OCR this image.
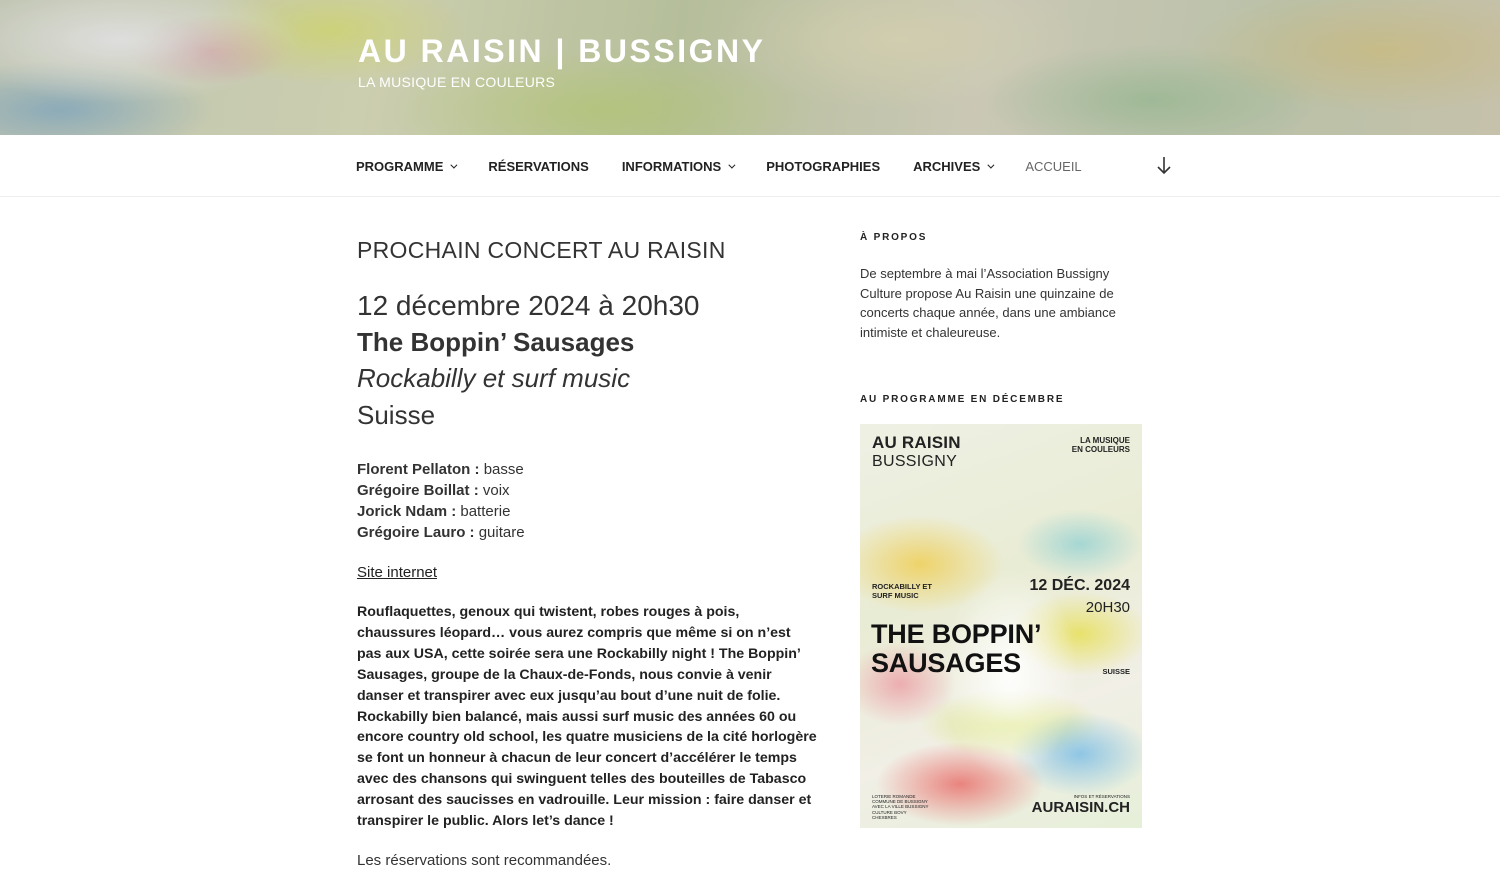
AU RAISIN | BUSSIGNY
LA MUSIQUE EN COULEURS
PROGRAMME	RÉSERVATIONS	INFORMATIONS	PHOTOGRAPHIES	ARCHIVES	ACCUEIL
PROCHAIN CONCERT AU RAISIN
12 décembre 2024 à 20h30
The Boppin’ Sausages
Rockabilly et surf music
Suisse
Florent Pellaton : basse
Grégoire Boillat : voix
Jorick Ndam : batterie
Grégoire Lauro : guitare
Site internet

Rouflaquettes, genoux qui twistent, robes rouges à pois, chaussures léopard… vous aurez compris que même si on n’est pas aux USA, cette soirée sera une Rockabilly night ! The Boppin’ Sausages, groupe de la Chaux-de-Fonds, nous convie à venir danser et transpirer avec eux jusqu’au bout d’une nuit de folie. Rockabilly bien balancé, mais aussi surf music des années 60 ou encore country old school, les quatre musiciens de la cité horlogère se font un honneur à chacun de leur concert d’accélérer le temps avec des chansons qui swinguent telles des bouteilles de Tabasco arrosant des saucisses en vadrouille. Leur mission : faire danser et transpirer le public. Alors let’s dance !

Les réservations sont recommandées.

À PROPOS

De septembre à mai l’Association Bussigny Culture propose Au Raisin une quinzaine de concerts chaque année, dans une ambiance intimiste et chaleureuse.

AU PROGRAMME EN DÉCEMBRE
AU RAISIN
BUSSIGNY
LA MUSIQUE
EN COULEURS
ROCKABILLY ET
SURF MUSIC
12 DÉC. 2024
20H30
THE BOPPIN’
SAUSAGES	SUISSE
LOTERIE ROMANDE
COMMUNE DE BUSSIGNY
AVEC LA VILLE BUSSIGNY
CULTURE BOVY CHEXBRES
INFOS ET RÉSERVATIONS
AURAISIN.CH
